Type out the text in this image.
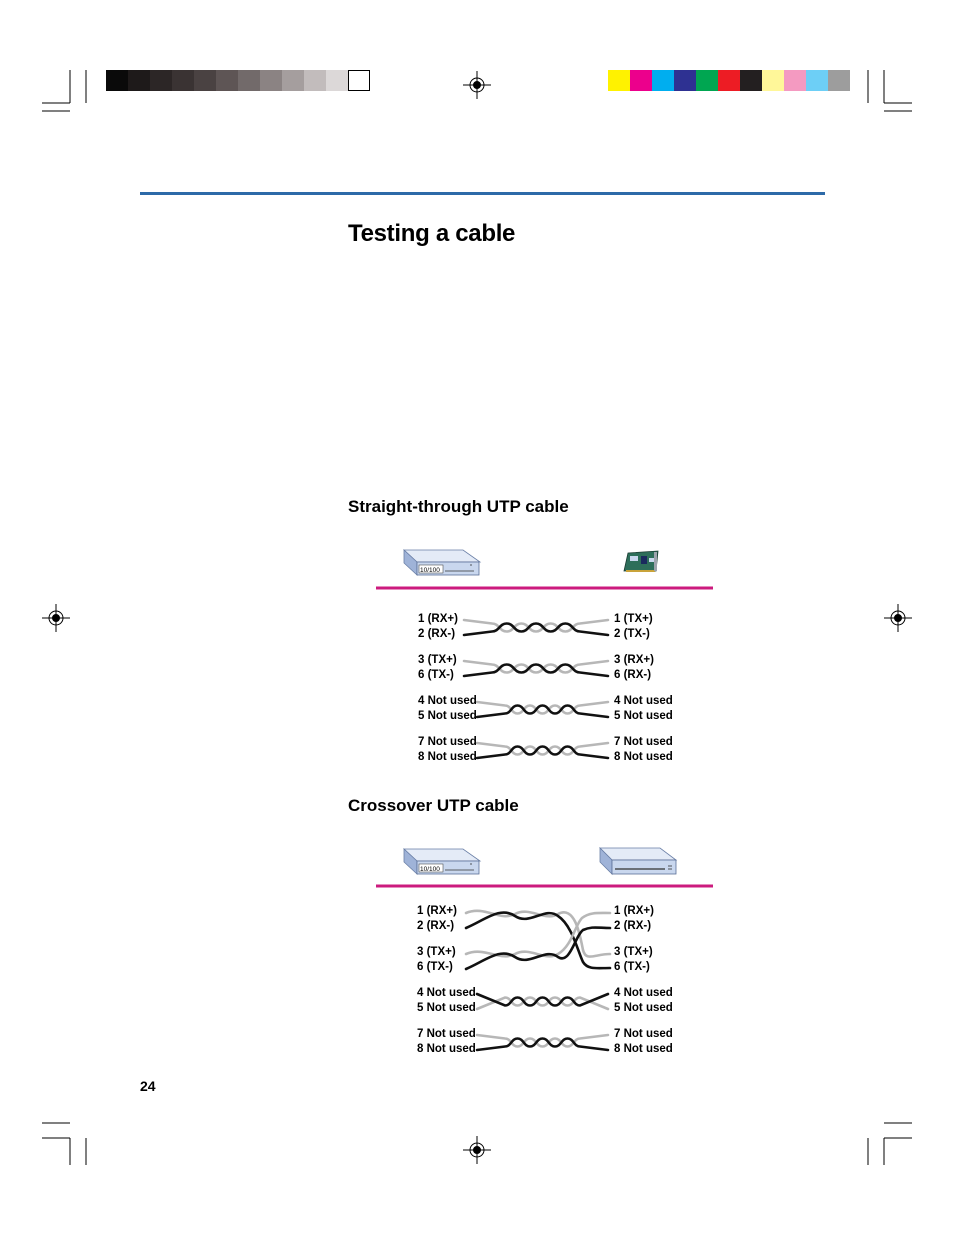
Testing a cable
Straight-through UTP cable
10/100
10/100
Crossover UTP cable
1 (RX+)
2 (RX-)
3 (TX+)
6 (TX-)
4 Not used
5 Not used
7 Not used
8 Not used
1 (TX+)
2 (TX-)
3 (RX+)
6 (RX-)
4 Not used
5 Not used
7 Not used
8 Not used
1 (RX+)
2 (RX-)
3 (TX+)
6 (TX-)
4 Not used
5 Not used
7 Not used
8 Not used
1 (RX+)
2 (RX-)
3 (TX+)
6 (TX-)
4 Not used
5 Not used
7 Not used
8 Not used
24
